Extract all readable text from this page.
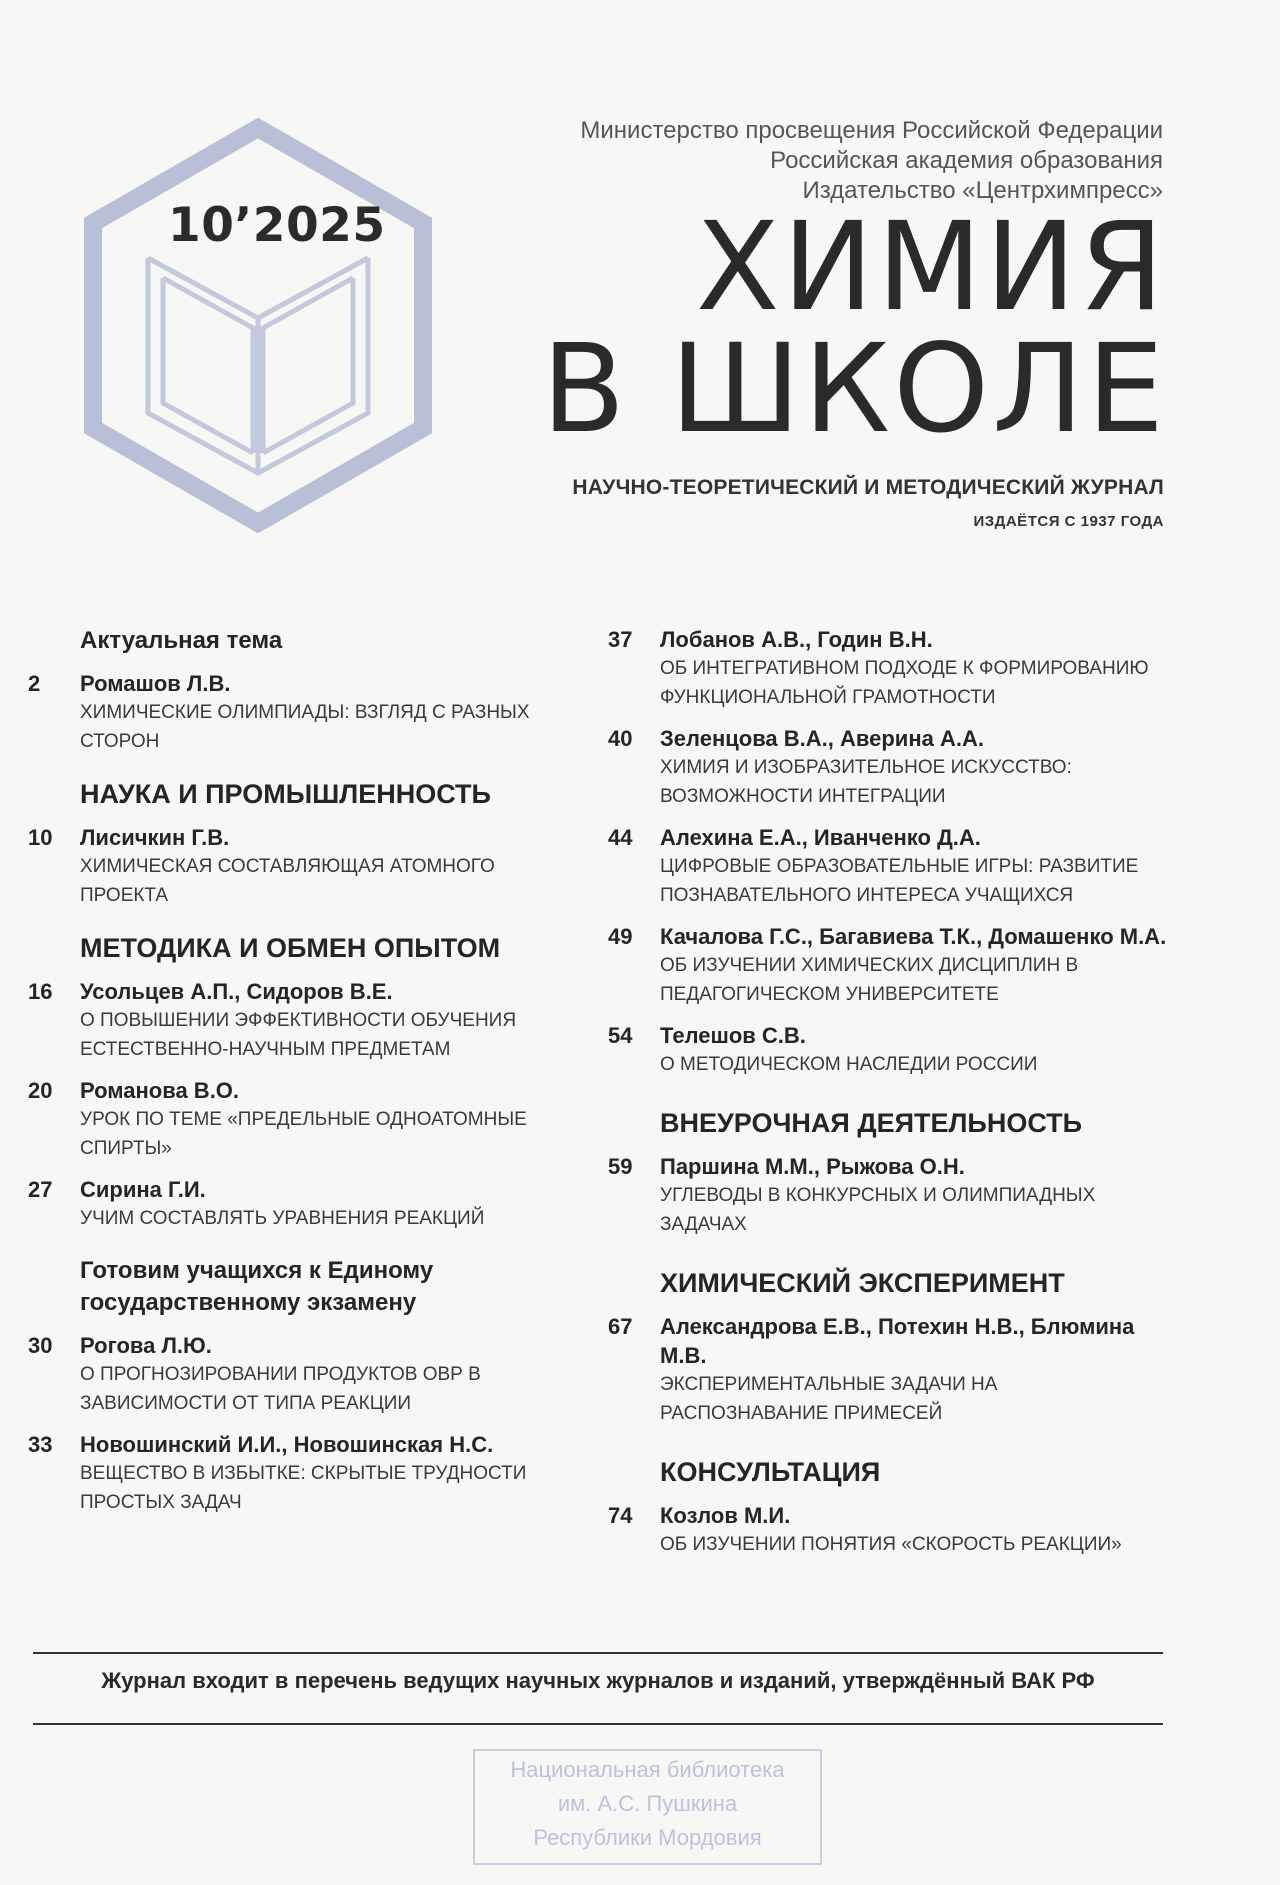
10’2025
Министерство просвещения Российской Федерации
Российская академия образования
Издательство «Центрхимпресс»
ХИМИЯ
В ШКОЛЕ
НАУЧНО-ТЕОРЕТИЧЕСКИЙ И МЕТОДИЧЕСКИЙ ЖУРНАЛ
ИЗДАЁТСЯ С 1937 ГОДА
Актуальная тема
2	Ромашов Л.В.
ХИМИЧЕСКИЕ ОЛИМПИАДЫ: ВЗГЛЯД С РАЗНЫХ СТОРОН
НАУКА И ПРОМЫШЛЕННОСТЬ
10	Лисичкин Г.В.
ХИМИЧЕСКАЯ СОСТАВЛЯЮЩАЯ АТОМНОГО ПРОЕКТА
МЕТОДИКА И ОБМЕН ОПЫТОМ
16	Усольцев А.П., Сидоров В.Е.
О ПОВЫШЕНИИ ЭФФЕКТИВНОСТИ ОБУЧЕНИЯ ЕСТЕСТВЕННО-НАУЧНЫМ ПРЕДМЕТАМ
20	Романова В.О.
УРОК ПО ТЕМЕ «ПРЕДЕЛЬНЫЕ ОДНОАТОМНЫЕ СПИРТЫ»
27	Сирина Г.И.
УЧИМ СОСТАВЛЯТЬ УРАВНЕНИЯ РЕАКЦИЙ
Готовим учащихся к Единому государственному экзамену
30	Рогова Л.Ю.
О ПРОГНОЗИРОВАНИИ ПРОДУКТОВ ОВР В ЗАВИСИМОСТИ ОТ ТИПА РЕАКЦИИ
33	Новошинский И.И., Новошинская Н.С.
ВЕЩЕСТВО В ИЗБЫТКЕ: СКРЫТЫЕ ТРУДНОСТИ ПРОСТЫХ ЗАДАЧ
37	Лобанов А.В., Годин В.Н.
ОБ ИНТЕГРАТИВНОМ ПОДХОДЕ К ФОРМИРОВАНИЮ ФУНКЦИОНАЛЬНОЙ ГРАМОТНОСТИ
40	Зеленцова В.А., Аверина А.А.
ХИМИЯ И ИЗОБРАЗИТЕЛЬНОЕ ИСКУССТВО: ВОЗМОЖНОСТИ ИНТЕГРАЦИИ
44	Алехина Е.А., Иванченко Д.А.
ЦИФРОВЫЕ ОБРАЗОВАТЕЛЬНЫЕ ИГРЫ: РАЗВИТИЕ ПОЗНАВАТЕЛЬНОГО ИНТЕРЕСА УЧАЩИХСЯ
49	Качалова Г.С., Багавиева Т.К., Домашенко М.А.
ОБ ИЗУЧЕНИИ ХИМИЧЕСКИХ ДИСЦИПЛИН В ПЕДАГОГИЧЕСКОМ УНИВЕРСИТЕТЕ
54	Телешов С.В.
О МЕТОДИЧЕСКОМ НАСЛЕДИИ РОССИИ
ВНЕУРОЧНАЯ ДЕЯТЕЛЬНОСТЬ
59	Паршина М.М., Рыжова О.Н.
УГЛЕВОДЫ В КОНКУРСНЫХ И ОЛИМПИАДНЫХ ЗАДАЧАХ
ХИМИЧЕСКИЙ ЭКСПЕРИМЕНТ
67	Александрова Е.В., Потехин Н.В., Блюмина М.В.
ЭКСПЕРИМЕНТАЛЬНЫЕ ЗАДАЧИ НА РАСПОЗНАВАНИЕ ПРИМЕСЕЙ
КОНСУЛЬТАЦИЯ
74	Козлов М.И.
ОБ ИЗУЧЕНИИ ПОНЯТИЯ «СКОРОСТЬ РЕАКЦИИ»
Журнал входит в перечень ведущих научных журналов и изданий, утверждённый ВАК РФ
Национальная библиотека
им. А.С. Пушкина
Республики Мордовия
